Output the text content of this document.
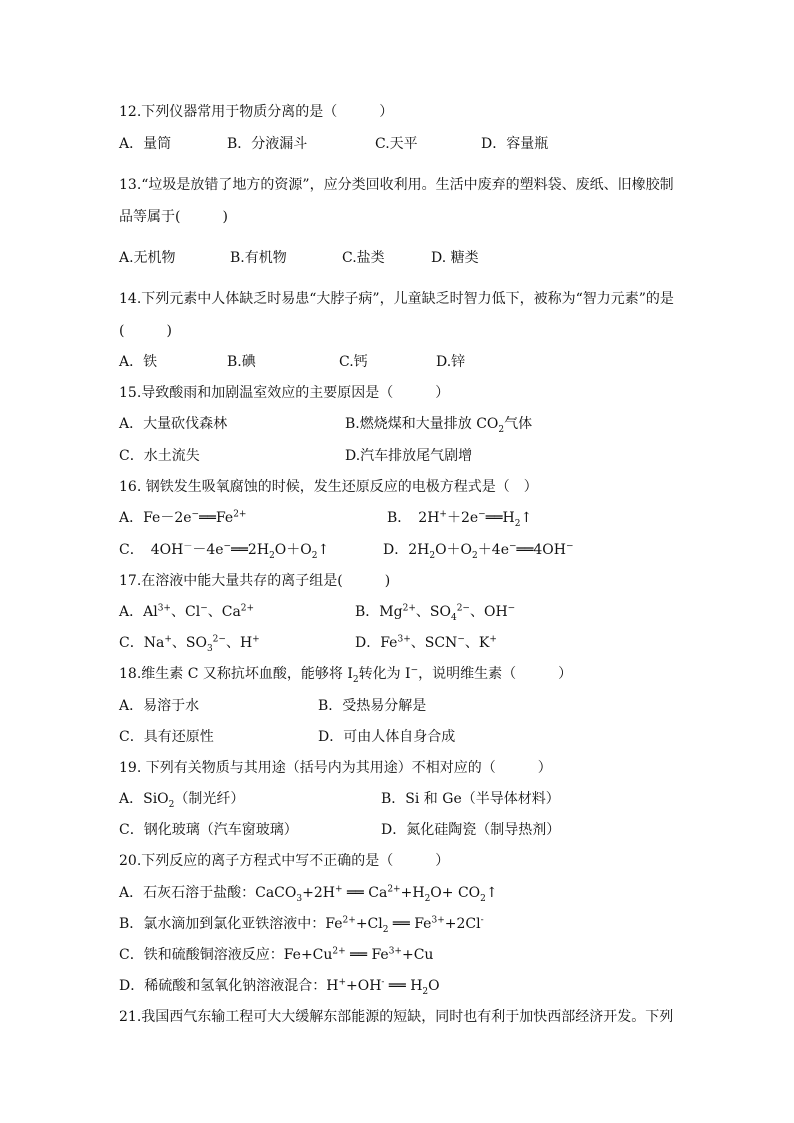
12.下列仪器常用于物质分离的是（　　　）
A．量筒	B．分液漏斗	C.天平	D．容量瓶
13.“垃圾是放错了地方的资源”，应分类回收利用。生活中废弃的塑料袋、废纸、旧橡胶制
品等属于(　　　)
A.无机物	B.有机物	C.盐类	D. 糖类
14.下列元素中人体缺乏时易患“大脖子病”，儿童缺乏时智力低下，被称为“智力元素”的是
(　　　)
A．铁	B.碘	C.钙	D.锌
15.导致酸雨和加剧温室效应的主要原因是（　　　）
A．大量砍伐森林	B.燃烧煤和大量排放 $CO_2$气体
C．水土流失	D.汽车排放尾气剧增
16. 钢铁发生吸氧腐蚀的时候，发生还原反应的电极方程式是（　）
A．$Fe-2e^-══Fe^{2+}$	B．　$2H^++2e^-══H_2↑$
C．　$4OH^--4e^-══2H_2O+O_2↑$	D．$2H_2O+O_2+4e^-══4OH^-$
17.在溶液中能大量共存的离子组是(　　　)
A．$Al^{3+}$、Cl−、$Ca^{2+}$	B．$Mg^{2+}$、$SO_4^{2-}$、OH−
C．Na+、$SO_3^{2-}$、H+	D．$Fe^{3+}$、SCN−、K+
18.维生素 C 又称抗坏血酸，能够将 $I_2$转化为 I−，说明维生素（　　　）
A．易溶于水	B．受热易分解是
C．具有还原性	D．可由人体自身合成
19. 下列有关物质与其用途（括号内为其用途）不相对应的（　　　）
A．SiO$_2$（制光纤）	B．Si 和 Ge（半导体材料）
C．钢化玻璃（汽车窗玻璃）	D．氮化硅陶瓷（制导热剂）
20.下列反应的离子方程式中写不正确的是（　　　）
A．石灰石溶于盐酸：CaCO$_3$+2H+ ══ $Ca^{2+}+H_2O+$ $CO_2↑$
B．氯水滴加到氯化亚铁溶液中：$Fe^{2+}+Cl_2$ ══ $Fe^{3+}+2Cl^-$
C．铁和硫酸铜溶液反应：$Fe+Cu^{2+}$ ══ $Fe^{3+}+Cu$
D．稀硫酸和氢氧化钠溶液混合：H++OH- ══ $H_2O$
21.我国西气东输工程可大大缓解东部能源的短缺，同时也有利于加快西部经济开发。下列
